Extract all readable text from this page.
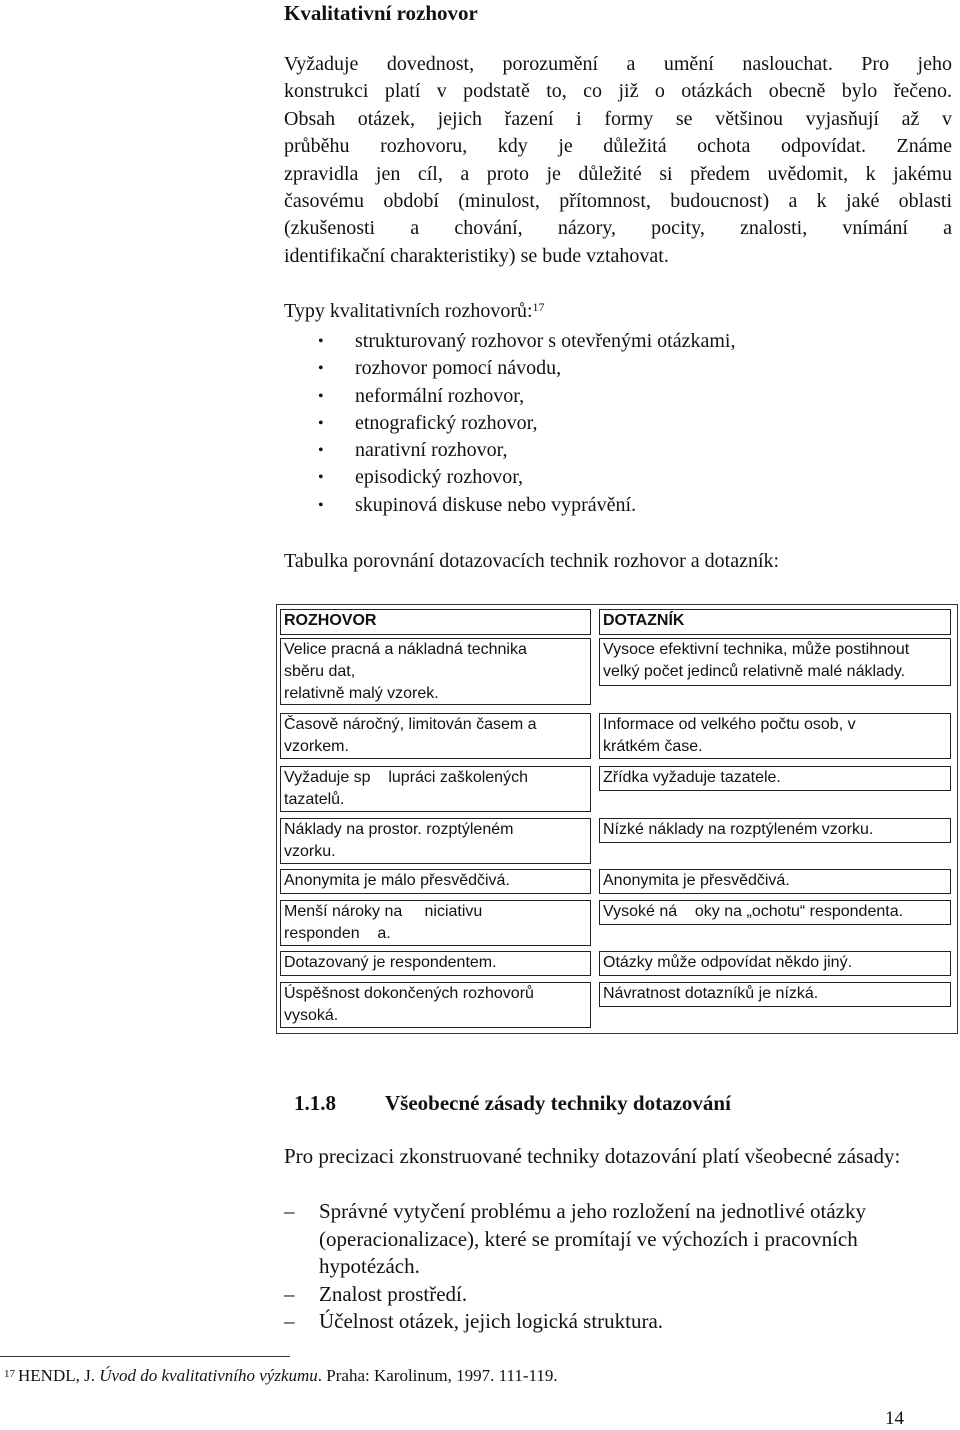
Kvalitativní rozhovor
Vyžaduje dovednost, porozumění a umění naslouchat. Pro jeho
konstrukci platí v podstatě to, co již o otázkách obecně bylo řečeno.
Obsah otázek, jejich řazení i formy se většinou vyjasňují až v
průběhu rozhovoru, kdy je důležitá ochota odpovídat. Známe
zpravidla jen cíl, a proto je důležité si předem uvědomit, k jakému
časovému období (minulost, přítomnost, budoucnost) a k jaké oblasti
(zkušenosti a chování, názory, pocity, znalosti, vnímání a
identifikační charakteristiky) se bude vztahovat.
Typy kvalitativních rozhovorů:$^{17}$
• strukturovaný rozhovor s otevřenými otázkami,
• rozhovor pomocí návodu,
• neformální rozhovor,
• etnografický rozhovor,
• narativní rozhovor,
• episodický rozhovor,
• skupinová diskuse nebo vyprávění.
Tabulka porovnání dotazovacích technik rozhovor a dotazník:
ROZHOVOR
Velice pracná a nákladná technika
sběru dat,
relativně malý vzorek.
Časově náročný, limitován časem a
vzorkem.
Vyžaduje sp    lupráci zaškolených
tazatelů.
Náklady na prostor. rozptýleném
vzorku.
Anonymita je málo přesvědčivá.
Menší nároky na     niciativu
responden    a.
Dotazovaný je respondentem.
Úspěšnost dokončených rozhovorů
vysoká.
DOTAZNÍK
Vysoce efektivní technika, může postihnout
velký počet jedinců relativně malé náklady.
Informace od velkého počtu osob, v
krátkém čase.
Zřídka vyžaduje tazatele.
Nízké náklady na rozptýleném vzorku.
Anonymita je přesvědčivá.
Vysoké ná    oky na „ochotu“ respondenta.
Otázky může odpovídat někdo jiný.
Návratnost dotazníků je nízká.
1.1.8 Všeobecné zásady techniky dotazování
Pro precizaci zkonstruované techniky dotazování platí všeobecné zásady:
– Správné vytyčení problému a jeho rozložení na jednotlivé otázky (operacionalizace), které se promítají ve výchozích i pracovních hypotézách.
– Znalost prostředí.
– Účelnost otázek, jejich logická struktura.
$^{17}$ HENDL, J. Úvod do kvalitativního výzkumu. Praha: Karolinum, 1997. 111-119.
14
